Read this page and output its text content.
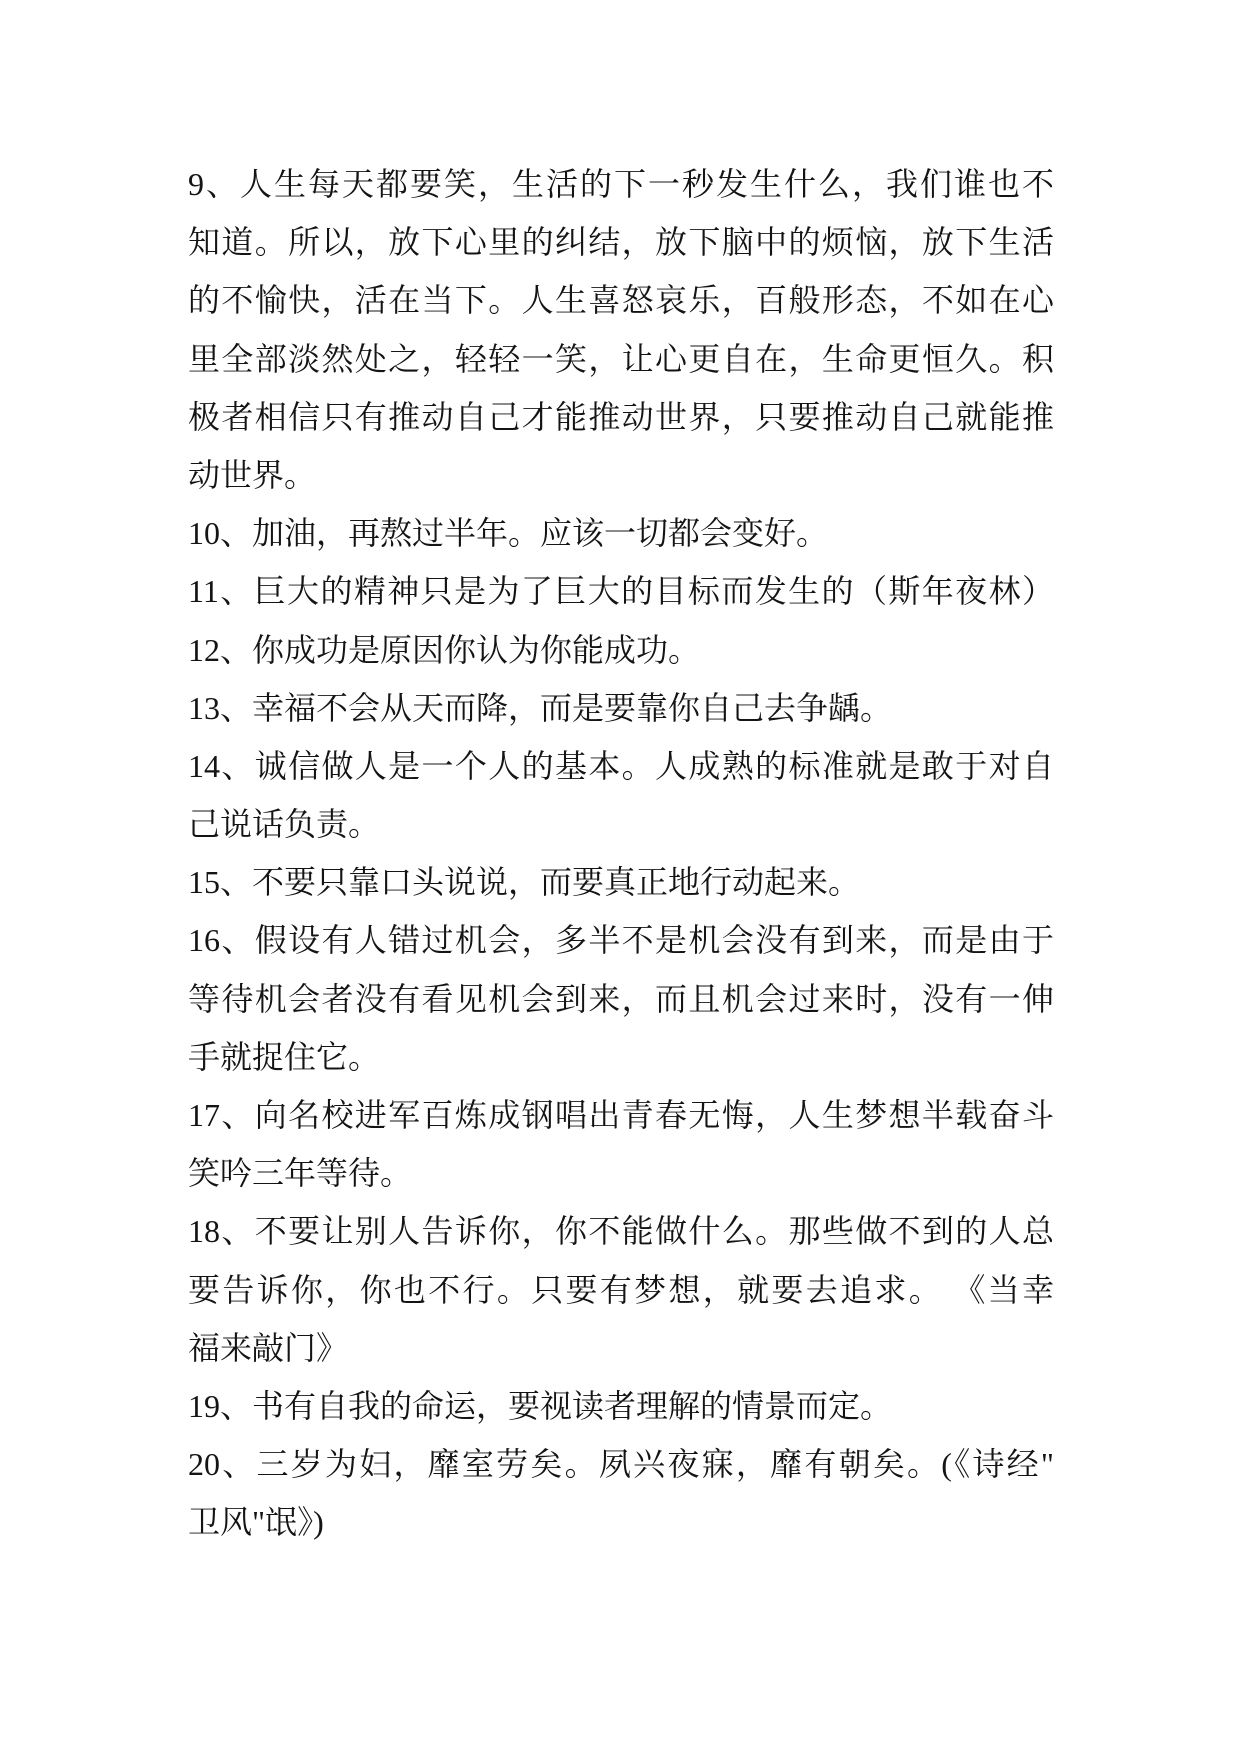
9、人生每天都要笑，生活的下一秒发生什么，我们谁也不
知道。所以，放下心里的纠结，放下脑中的烦恼，放下生活
的不愉快，活在当下。人生喜怒哀乐，百般形态，不如在心
里全部淡然处之，轻轻一笑，让心更自在，生命更恒久。积
极者相信只有推动自己才能推动世界，只要推动自己就能推
动世界。
10、加油，再熬过半年。应该一切都会变好。
11、巨大的精神只是为了巨大的目标而发生的（斯年夜林）
12、你成功是原因你认为你能成功。
13、幸福不会从天而降，而是要靠你自己去争龋。
14、诚信做人是一个人的基本。人成熟的标准就是敢于对自
己说话负责。
15、不要只靠口头说说，而要真正地行动起来。
16、假设有人错过机会，多半不是机会没有到来，而是由于
等待机会者没有看见机会到来，而且机会过来时，没有一伸
手就捉住它。
17、向名校进军百炼成钢唱出青春无悔，人生梦想半载奋斗
笑吟三年等待。
18、不要让别人告诉你，你不能做什么。那些做不到的人总
要告诉你，你也不行。只要有梦想，就要去追求。 《当幸
福来敲门》
19、书有自我的命运，要视读者理解的情景而定。
20、三岁为妇，靡室劳矣。夙兴夜寐，靡有朝矣。(《诗经"
卫风"氓》)
